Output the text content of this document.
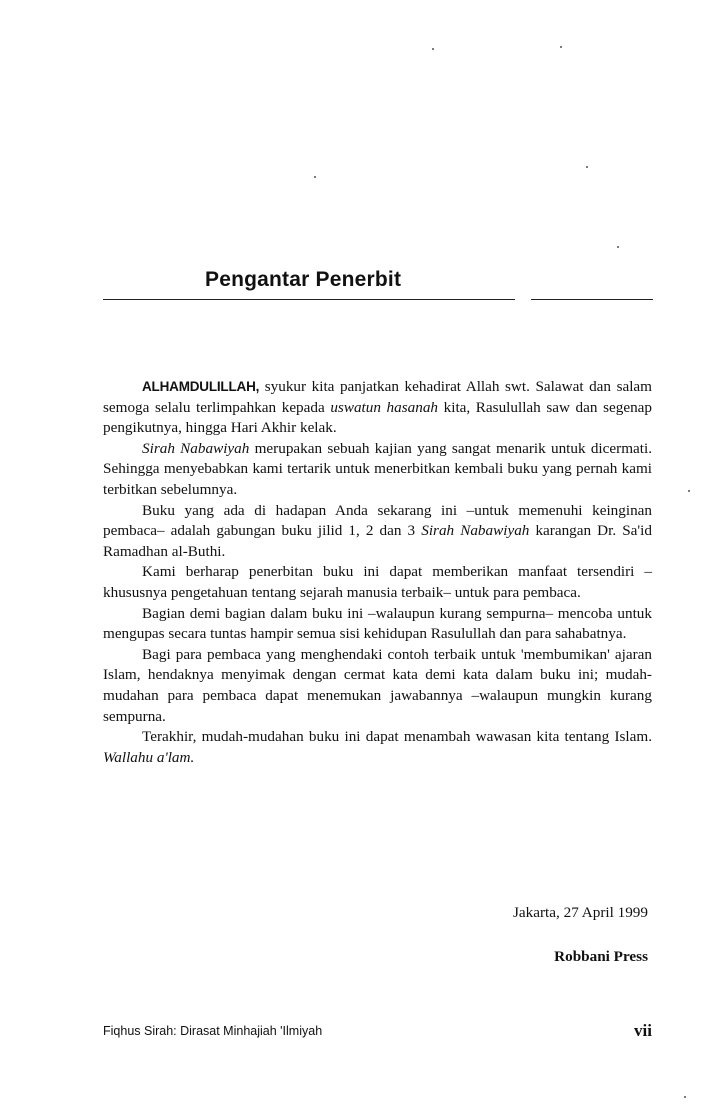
Pengantar Penerbit

ALHAMDULILLAH, syukur kita panjatkan kehadirat Allah swt. Salawat dan salam semoga selalu terlimpahkan kepada uswatun hasanah kita, Rasulullah saw dan segenap pengikutnya, hingga Hari Akhir kelak.

Sirah Nabawiyah merupakan sebuah kajian yang sangat menarik untuk dicermati. Sehingga menyebabkan kami tertarik untuk menerbitkan kembali buku yang pernah kami terbitkan sebelumnya.

Buku yang ada di hadapan Anda sekarang ini –untuk memenuhi keinginan pembaca– adalah gabungan buku jilid 1, 2 dan 3 Sirah Nabawiyah karangan Dr. Sa'id Ramadhan al-Buthi.

Kami berharap penerbitan buku ini dapat memberikan manfaat tersendiri –khususnya pengetahuan tentang sejarah manusia terbaik– untuk para pembaca.

Bagian demi bagian dalam buku ini –walaupun kurang sempurna– mencoba untuk mengupas secara tuntas hampir semua sisi kehidupan Rasulullah dan para sahabatnya.

Bagi para pembaca yang menghendaki contoh terbaik untuk 'membumikan' ajaran Islam, hendaknya menyimak dengan cermat kata demi kata dalam buku ini; mudah-mudahan para pembaca dapat menemukan jawabannya –walaupun mungkin kurang sempurna.

Terakhir, mudah-mudahan buku ini dapat menambah wawasan kita tentang Islam. Wallahu a'lam.

Jakarta, 27 April 1999
Robbani Press
Fiqhus Sirah: Dirasat Minhajiah 'Ilmiyah	vii
